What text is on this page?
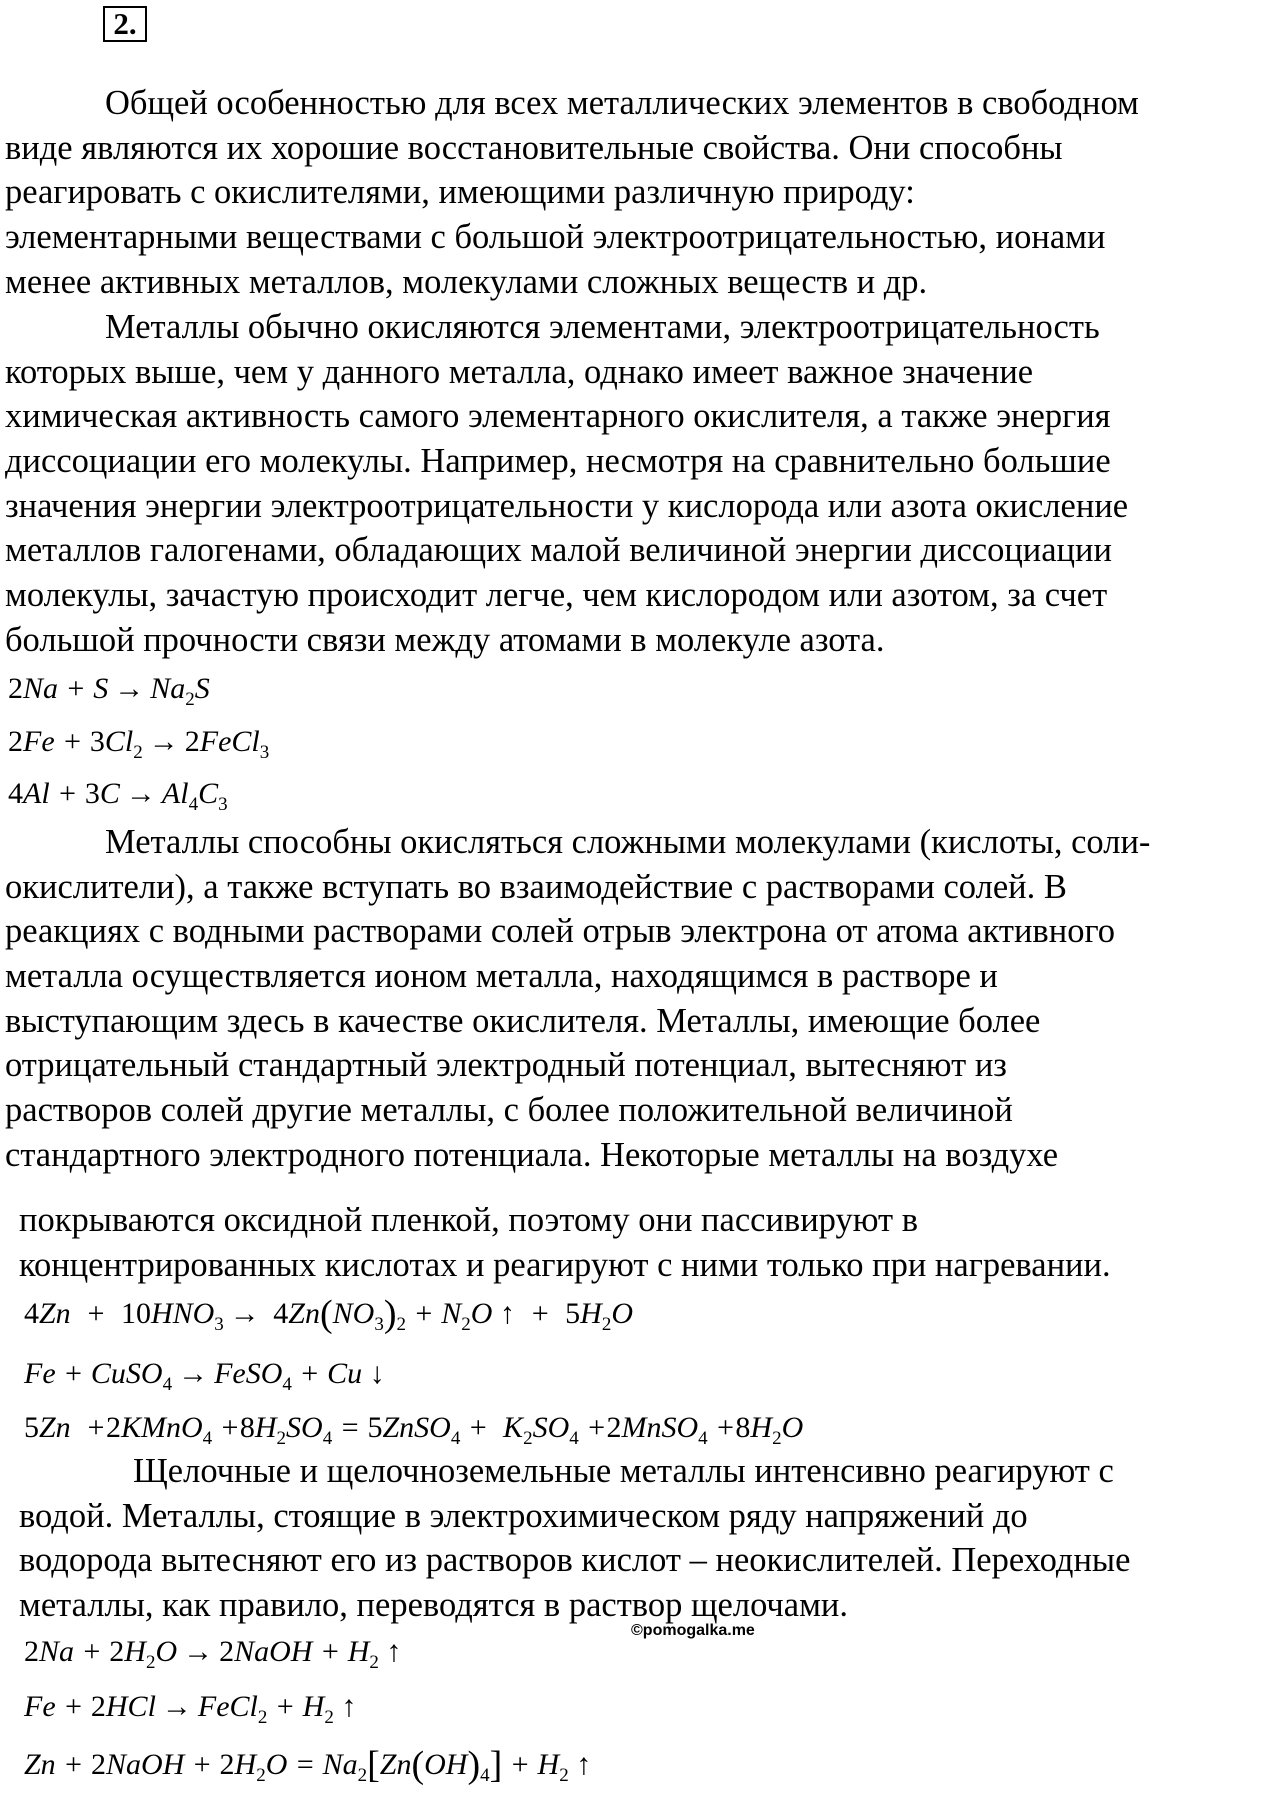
2.
Общей особенностью для всех металлических элементов в свободном
виде являются их хорошие восстановительные свойства. Они способны
реагировать с окислителями, имеющими различную природу:
элементарными веществами с большой электроотрицательностью, ионами
менее активных металлов, молекулами сложных веществ и др.
Металлы обычно окисляются элементами, электроотрицательность
которых выше, чем у данного металла, однако имеет важное значение
химическая активность самого элементарного окислителя, а также энергия
диссоциации его молекулы. Например, несмотря на сравнительно большие
значения энергии электроотрицательности у кислорода или азота окисление
металлов галогенами, обладающих малой величиной энергии диссоциации
молекулы, зачастую происходит легче, чем кислородом или азотом, за счет
большой прочности связи между атомами в молекуле азота.
$2Na + S \to Na_2S$
$2Fe + 3Cl_2$ → 2FeCl$_3$
$4Al + 3C \to Al_4C_3$
Металлы способны окисляться сложными молекулами (кислоты, соли-
окислители), а также вступать во взаимодействие с растворами солей. В
реакциях с водными растворами солей отрыв электрона от атома активного
металла осуществляется ионом металла, находящимся в растворе и
выступающим здесь в качестве окислителя. Металлы, имеющие более
отрицательный стандартный электродный потенциал, вытесняют из
растворов солей другие металлы, с более положительной величиной
стандартного электродного потенциала. Некоторые металлы на воздухе
покрываются оксидной пленкой, поэтому они пассивируют в
концентрированных кислотах и реагируют с ними только при нагревании.
$4Zn + 10HNO_3 \to 4Zn(NO_3)_2 + N_2O$ ↑  +  $5H_2O$
Fe + CuSO$_4$ → FeSO$_4$ + Cu ↓
5Zn  +2KMnO$_4$ $+8H_2SO_4$ = 5ZnSO$_4$ +  $K_2SO_4$ +2MnSO$_4$ $+8H_2O$
Щелочные и щелочноземельные металлы интенсивно реагируют с
водой. Металлы, стоящие в электрохимическом ряду напряжений до
водорода вытесняют его из растворов кислот – неокислителей. Переходные
металлы, как правило, переводятся в раствор щелочами.
©pomogalka.me
$2Na + 2H_2O$ → 2NaOH + $H_2$ ↑
Fe + 2HCl → FeCl$_2$ + $H_2$ ↑
Zn + 2NaOH + $2H_2O = Na_2[Zn(OH)_4] + H_2$ ↑
